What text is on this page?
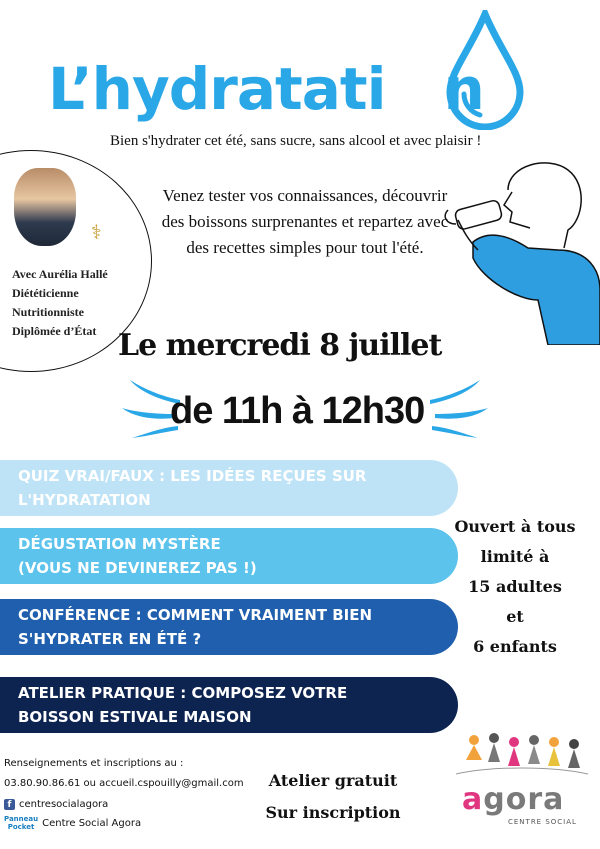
L’hydratati n
Bien s'hydrater cet été, sans sucre, sans alcool et avec plaisir !
⚕
Avec Aurélia Hallé
Diététicienne
Nutritionniste
Diplômée d’État
Venez tester vos connaissances, découvrir des boissons surprenantes et repartez avec des recettes simples pour tout l'été.
Le mercredi 8 juillet
de 11h à 12h30
QUIZ VRAI/FAUX : LES IDÉES REÇUES SUR
L'HYDRATATION
DÉGUSTATION MYSTÈRE
(VOUS NE DEVINEREZ PAS !)
CONFÉRENCE : COMMENT VRAIMENT BIEN
S'HYDRATER EN ÉTÉ ?
ATELIER PRATIQUE : COMPOSEZ VOTRE
BOISSON ESTIVALE MAISON
Ouvert à tous
limité à
15 adultes
et
6 enfants
Renseignements et inscriptions au :
03.80.90.86.61 ou accueil.cspouilly@gmail.com
f centresocialagora
Panneau
Pocket Centre Social Agora
Atelier gratuit
Sur inscription agora
CENTRE SOCIAL
